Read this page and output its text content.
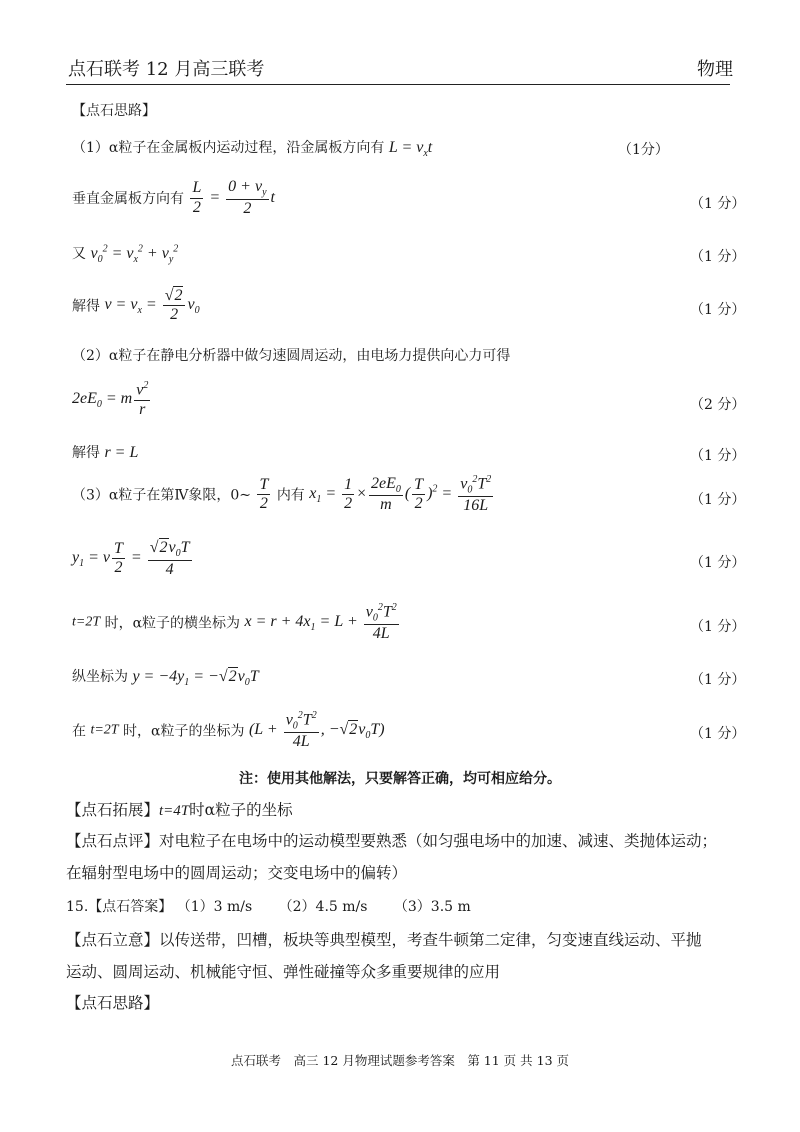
点石联考 12 月高三联考	物理
【点石思路】
（1）α粒子在金属板内运动过程，沿金属板方向有 $L = v_xt$	（1分）
垂直金属板方向有 $\frac{L}{2} = \frac{0 + v_y}{2}$ t	（1 分）
又 $v_0^2 = v_x^2 + v_y^2$	（1 分）
解得 $v = v_x = \frac{√2}{2} v_0$	（1 分）
（2）α粒子在静电分析器中做匀速圆周运动，由电场力提供向心力可得
$2eE_0 = m \frac{v^2}{r}$	（2 分）
解得 r = L	（1 分）
（3）α粒子在第Ⅳ象限，0~ $\frac{T}{2}$ 内有 $x_1 = \frac{1}{2} \times \frac{2eE_0}{m}$ ( $\frac{T}{2} )^2 = \frac{v_0^2T^2}{16L}$	（1 分）
$y_1 = v \frac{T}{2} = \frac{√2v_0T}{4}$	（1 分）
t=2T 时，α粒子的横坐标为 $x = r + 4x_1 = L + \frac{v_0^2T^2}{4L}$	（1 分）
纵坐标为 $y = -4y_1 = -√2v_0T$	（1 分）
在 t=2T 时，α粒子的坐标为 ($L + \frac{v_0^2T^2}{4L}$ , $-√2v_0T$)	（1 分）
注：使用其他解法，只要解答正确，均可相应给分。
【点石拓展】t=4T时α粒子的坐标
【点石点评】对电粒子在电场中的运动模型要熟悉（如匀强电场中的加速、减速、类抛体运动；
在辐射型电场中的圆周运动；交变电场中的偏转）
15.【点石答案】 （1）3 m/s （2）4.5 m/s （3）3.5 m
【点石立意】以传送带，凹槽，板块等典型模型，考查牛顿第二定律，匀变速直线运动、平抛
运动、圆周运动、机械能守恒、弹性碰撞等众多重要规律的应用
【点石思路】
点石联考　高三 12 月物理试题参考答案　第 11 页 共 13 页
